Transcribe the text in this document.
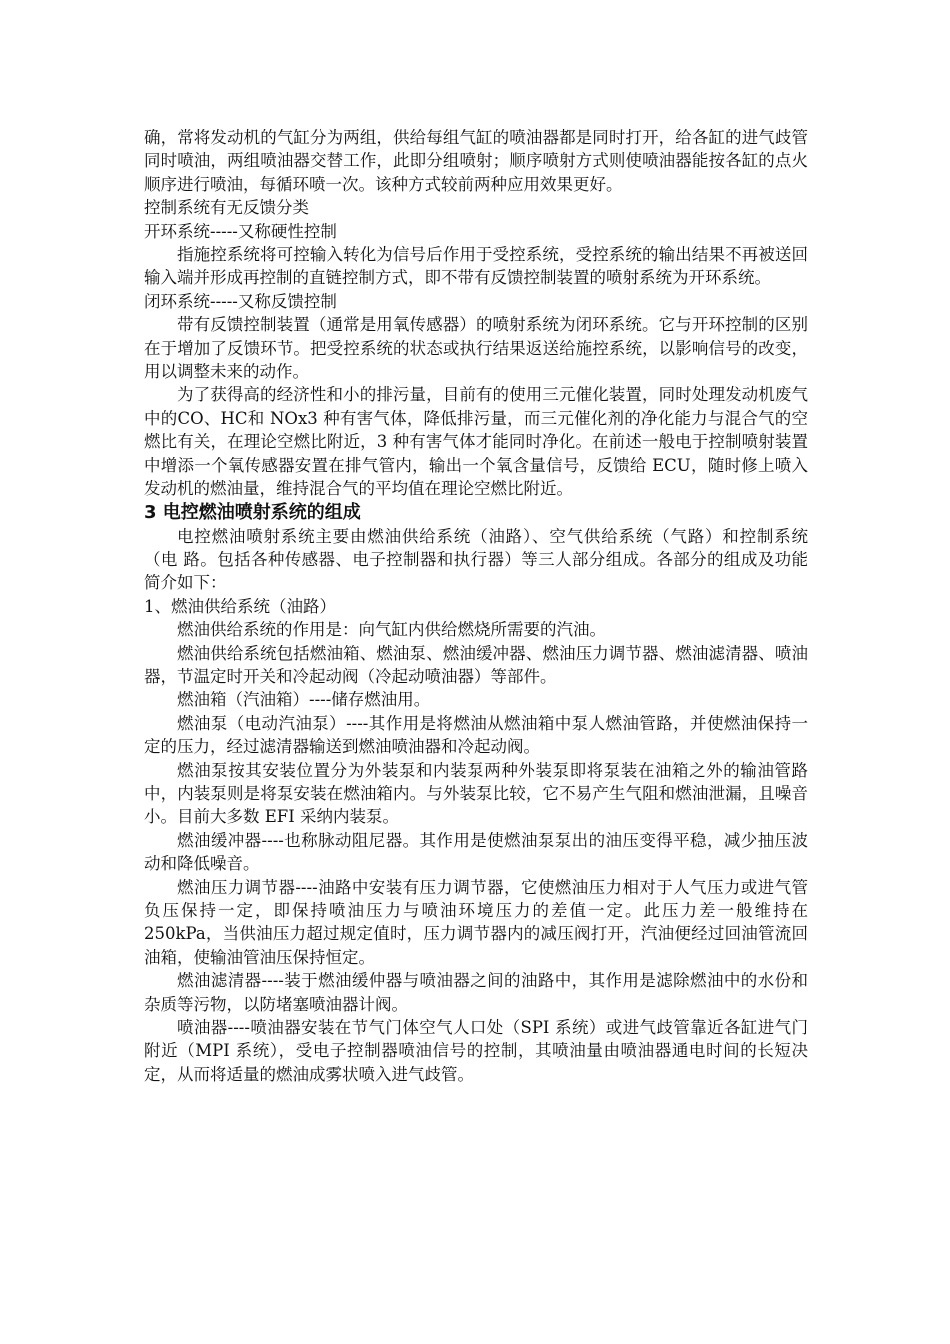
确，常将发动机的气缸分为两组，供给每组气缸的喷油器都是同时打开，给各缸的进气歧管同时喷油，两组喷油器交替工作，此即分组喷射；顺序喷射方式则使喷油器能按各缸的点火顺序进行喷油，每循环喷一次。该种方式较前两种应用效果更好。

控制系统有无反馈分类

开环系统-----又称硬性控制

指施控系统将可控输入转化为信号后作用于受控系统，受控系统的输出结果不再被送回输入端并形成再控制的直链控制方式，即不带有反馈控制装置的喷射系统为开环系统。

闭环系统-----又称反馈控制

带有反馈控制装置（通常是用氧传感器）的喷射系统为闭环系统。它与开环控制的区别在于增加了反馈环节。把受控系统的状态或执行结果返送给施控系统，以影响信号的改变，用以调整未来的动作。

为了获得高的经济性和小的排污量，目前有的使用三元催化装置，同时处理发动机废气中的CO、HC和 NOx3 种有害气体，降低排污量，而三元催化剂的净化能力与混合气的空燃比有关，在理论空燃比附近，3 种有害气体才能同时净化。在前述一般电于控制喷射装置中增添一个氧传感器安置在排气管内，输出一个氧含量信号，反馈给 ECU，随时修上喷入发动机的燃油量，维持混合气的平均值在理论空燃比附近。

3 电控燃油喷射系统的组成

电控燃油喷射系统主要由燃油供给系统（油路）、空气供给系统（气路）和控制系统（电 路。包括各种传感器、电子控制器和执行器）等三人部分组成。各部分的组成及功能简介如下：

1、燃油供给系统（油路）

燃油供给系统的作用是：向气缸内供给燃烧所需要的汽油。

燃油供给系统包括燃油箱、燃油泵、燃油缓冲器、燃油压力调节器、燃油滤清器、喷油器，节温定时开关和冷起动阀（冷起动喷油器）等部件。

燃油箱（汽油箱）----储存燃油用。

燃油泵（电动汽油泵）----其作用是将燃油从燃油箱中泵人燃油管路，并使燃油保持一定的压力，经过滤清器输送到燃油喷油器和冷起动阀。

燃油泵按其安装位置分为外装泵和内装泵两种外装泵即将泵装在油箱之外的输油管路中，内装泵则是将泵安装在燃油箱内。与外装泵比较，它不易产生气阻和燃油泄漏，且噪音小。目前大多数 EFI 采纳内装泵。

燃油缓冲器----也称脉动阻尼器。其作用是使燃油泵泵出的油压变得平稳，减少抽压波动和降低噪音。

燃油压力调节器----油路中安装有压力调节器，它使燃油压力相对于人气压力或进气管负压保持一定，即保持喷油压力与喷油环境压力的差值一定。此压力差一般维持在 250kPa，当供油压力超过规定值时，压力调节器内的减压阀打开，汽油便经过回油管流回油箱，使输油管油压保持恒定。

燃油滤清器----装于燃油缓仲器与喷油器之间的油路中，其作用是滤除燃油中的水份和杂质等污物，以防堵塞喷油器计阀。

喷油器----喷油器安装在节气门体空气人口处（SPI 系统）或进气歧管靠近各缸进气门附近（MPI 系统），受电子控制器喷油信号的控制，其喷油量由喷油器通电时间的长短决定，从而将适量的燃油成雾状喷入进气歧管。
